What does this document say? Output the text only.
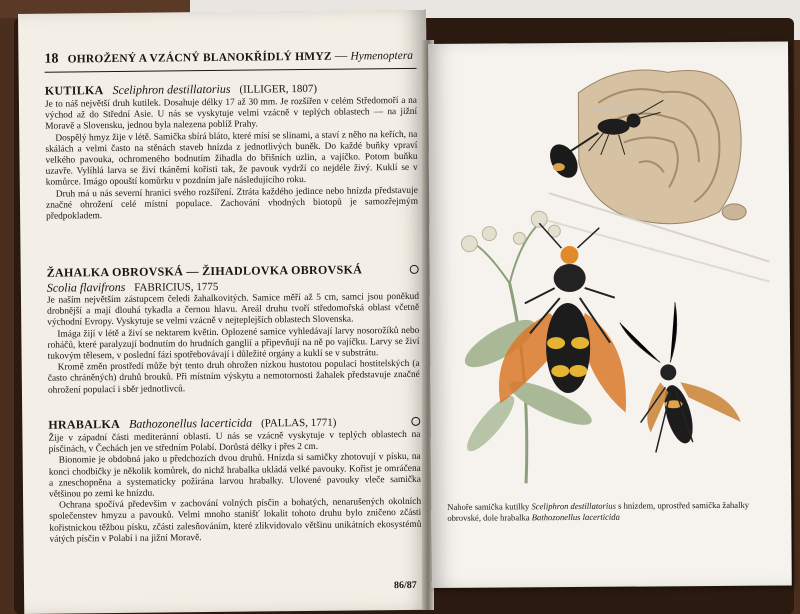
18 OHROŽENÝ A VZÁCNÝ BLANOKŘÍDLÝ HMYZ — Hymenoptera
KUTILKA Sceliphron destillatorius (ILLIGER, 1807)

Je to náš největší druh kutilek. Dosahuje délky 17 až 30 mm. Je rozšířen v celém Středomoří a na východ až do Střední Asie. U nás se vyskytuje velmi vzácně v teplých oblastech — na jižní Moravě a Slovensku, jednou byla nalezena poblíž Prahy.

Dospělý hmyz žije v létě. Samička sbírá bláto, které mísí se slinami, a staví z něho na keřích, na skálách a velmi často na stěnách staveb hnízda z jednotlivých buněk. Do každé buňky vpraví velkého pavouka, ochromeného bodnutím žihadla do břišních uzlin, a vajíčko. Potom buňku uzavře. Vylíhlá larva se živí tkáněmi kořisti tak, že pavouk vydrží co nejdéle živý. Kuklí se v komůrce. Imágo opouští komůrku v pozdním jaře následujícího roku.

Druh má u nás severní hranici svého rozšíření. Ztráta každého jedince nebo hnízda představuje značné ohrožení celé místní populace. Zachování vhodných biotopů je samozřejmým předpokladem.

ŽAHALKA OBROVSKÁ — ŽIHADLOVKA OBROVSKÁ
Scolia flavifrons FABRICIUS, 1775

Je naším největším zástupcem čeledi žahalkovitých. Samice měří až 5 cm, samci jsou poněkud drobnější a mají dlouhá tykadla a černou hlavu. Areál druhu tvoří středomořská oblast včetně východní Evropy. Vyskytuje se velmi vzácně v nejteplejších oblastech Slovenska.

Imága žijí v létě a živí se nektarem květin. Oplozené samice vyhledávají larvy nosorožíků nebo roháčů, které paralyzují bodnutím do hrudních ganglií a připevňují na ně po vajíčku. Larvy se živí tukovým tělesem, v poslední fázi spotřebovávají i důležité orgány a kuklí se v substrátu.

Kromě změn prostředí může být tento druh ohrožen nízkou hustotou populací hostitelských (a často chráněných) druhů brouků. Při místním výskytu a nemotornosti žahalek představuje značné ohrožení populací i sběr jednotlivců.

HRABALKA Bathozonellus lacerticida (PALLAS, 1771)

Žije v západní části mediteránní oblasti. U nás se vzácně vyskytuje v teplých oblastech na písčinách, v Čechách jen ve středním Polabí. Dorůstá délky i přes 2 cm.

Bionomie je obdobná jako u předchozích dvou druhů. Hnízda si samičky zhotovují v písku, na konci chodbičky je několik komůrek, do nichž hrabalka ukládá velké pavouky. Kořist je omráčena a zneschopněna a systematicky požírána larvou hrabalky. Ulovené pavouky vleče samička většinou po zemi ke hnízdu.

Ochrana spočívá především v zachování volných písčin a bohatých, nenarušených okolních společenstev hmyzu a pavouků. Velmi mnoho stanišť lokalit tohoto druhu bylo zničeno zčásti kořistnickou těžbou písku, zčásti zalesňováním, které zlikvidovalo většinu unikátních ekosystémů vátých písčin v Polabí i na jižní Moravě.

86/87
Nahoře samička kutilky Sceliphron destillatorius s hnízdem, uprostřed samička žahalky obrovské, dole hrabalka Bathozonellus lacerticida
